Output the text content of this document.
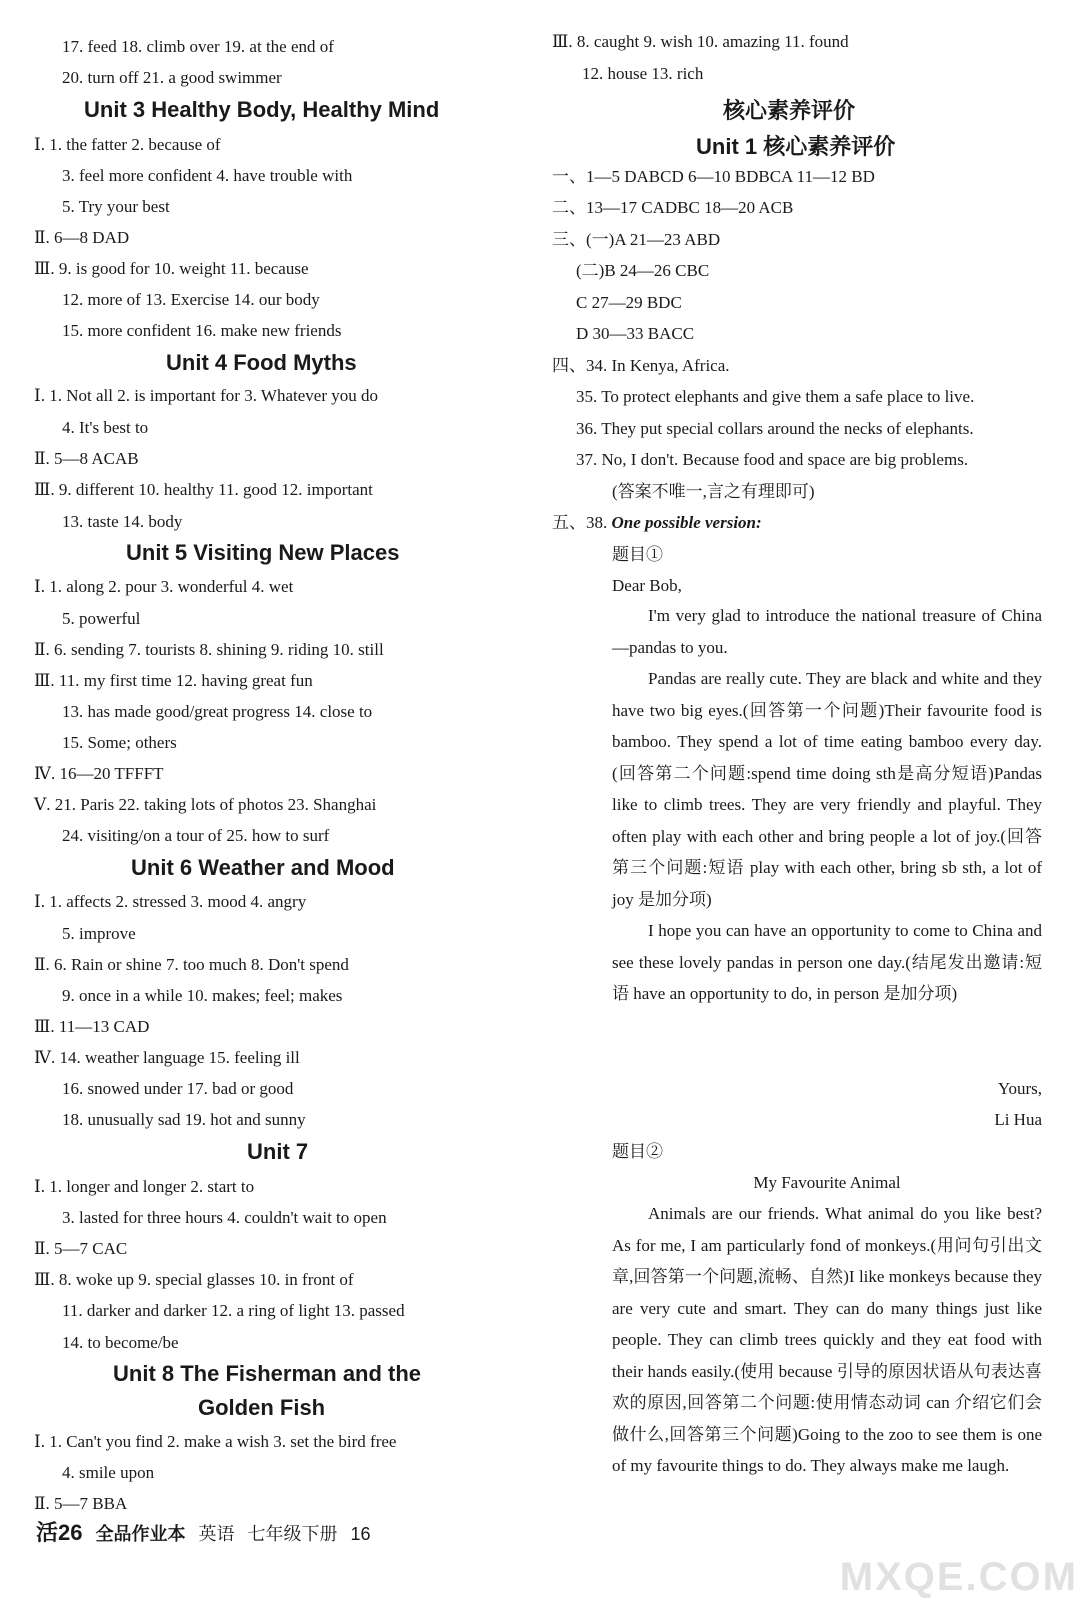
17. feed 18. climb over 19. at the end of
20. turn off 21. a good swimmer
Unit 3 Healthy Body, Healthy Mind
Ⅰ. 1. the fatter 2. because of
3. feel more confident 4. have trouble with
5. Try your best
Ⅱ. 6—8 DAD
Ⅲ. 9. is good for 10. weight 11. because
12. more of 13. Exercise 14. our body
15. more confident 16. make new friends
Unit 4 Food Myths
Ⅰ. 1. Not all 2. is important for 3. Whatever you do
4. It's best to
Ⅱ. 5—8 ACAB
Ⅲ. 9. different 10. healthy 11. good 12. important
13. taste 14. body
Unit 5 Visiting New Places
Ⅰ. 1. along 2. pour 3. wonderful 4. wet
5. powerful
Ⅱ. 6. sending 7. tourists 8. shining 9. riding 10. still
Ⅲ. 11. my first time 12. having great fun
13. has made good/great progress 14. close to
15. Some; others
Ⅳ. 16—20 TFFFT
Ⅴ. 21. Paris 22. taking lots of photos 23. Shanghai
24. visiting/on a tour of 25. how to surf
Unit 6 Weather and Mood
Ⅰ. 1. affects 2. stressed 3. mood 4. angry
5. improve
Ⅱ. 6. Rain or shine 7. too much 8. Don't spend
9. once in a while 10. makes; feel; makes
Ⅲ. 11—13 CAD
Ⅳ. 14. weather language 15. feeling ill
16. snowed under 17. bad or good
18. unusually sad 19. hot and sunny
Unit 7
Ⅰ. 1. longer and longer 2. start to
3. lasted for three hours 4. couldn't wait to open
Ⅱ. 5—7 CAC
Ⅲ. 8. woke up 9. special glasses 10. in front of
11. darker and darker 12. a ring of light 13. passed
14. to become/be
Unit 8 The Fisherman and the
Golden Fish
Ⅰ. 1. Can't you find 2. make a wish 3. set the bird free
4. smile upon
Ⅱ. 5—7 BBA
Ⅲ. 8. caught 9. wish 10. amazing 11. found
12. house 13. rich
核心素养评价
Unit 1 核心素养评价
一、1—5 DABCD 6—10 BDBCA 11—12 BD
二、13—17 CADBC 18—20 ACB
三、(一)A 21—23 ABD
(二)B 24—26 CBC
C 27—29 BDC
D 30—33 BACC
四、34. In Kenya, Africa.
35. To protect elephants and give them a safe place to live.
36. They put special collars around the necks of elephants.
37. No, I don't. Because food and space are big problems.
(答案不唯一,言之有理即可)
五、38. One possible version:
题目①
Dear Bob,

I'm very glad to introduce the national treasure of China—pandas to you.

Pandas are really cute. They are black and white and they have two big eyes.(回答第一个问题)Their favourite food is bamboo. They spend a lot of time eating bamboo every day.(回答第二个问题:spend time doing sth是高分短语)Pandas like to climb trees. They are very friendly and playful. They often play with each other and bring people a lot of joy.(回答第三个问题:短语 play with each other, bring sb sth, a lot of joy 是加分项)

I hope you can have an opportunity to come to China and see these lovely pandas in person one day.(结尾发出邀请:短语 have an opportunity to do, in person 是加分项)

Yours,
Li Hua
题目②
My Favourite Animal

Animals are our friends. What animal do you like best? As for me, I am particularly fond of monkeys.(用问句引出文章,回答第一个问题,流畅、自然)I like monkeys because they are very cute and smart. They can do many things just like people. They can climb trees quickly and they eat food with their hands easily.(使用 because 引导的原因状语从句表达喜欢的原因,回答第二个问题:使用情态动词 can 介绍它们会做什么,回答第三个问题)Going to the zoo to see them is one of my favourite things to do. They always make me laugh.

活26 全品作业本 英语 七年级下册 16
MXQE.COM
